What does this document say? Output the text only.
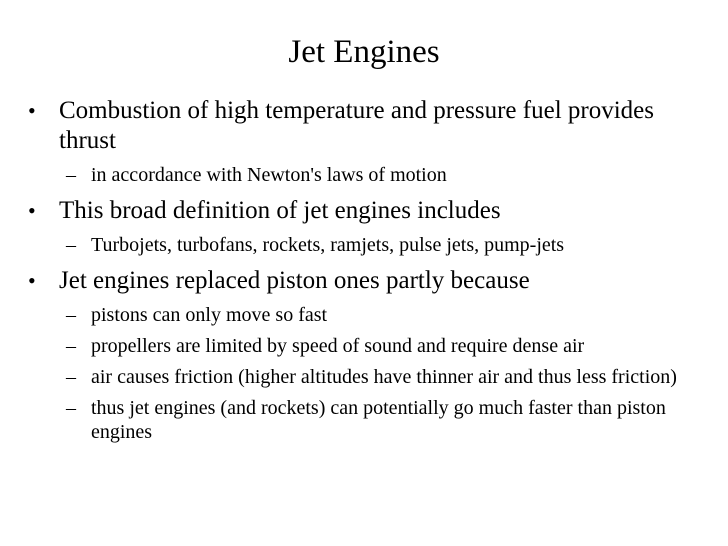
Jet Engines
• Combustion of high temperature and pressure fuel provides thrust
– in accordance with Newton's laws of motion
• This broad definition of jet engines includes
– Turbojets, turbofans, rockets, ramjets, pulse jets, pump-jets
• Jet engines replaced piston ones partly because
– pistons can only move so fast
– propellers are limited by speed of sound and require dense air
– air causes friction (higher altitudes have thinner air and thus less friction)
– thus jet engines (and rockets) can potentially go much faster than piston engines
